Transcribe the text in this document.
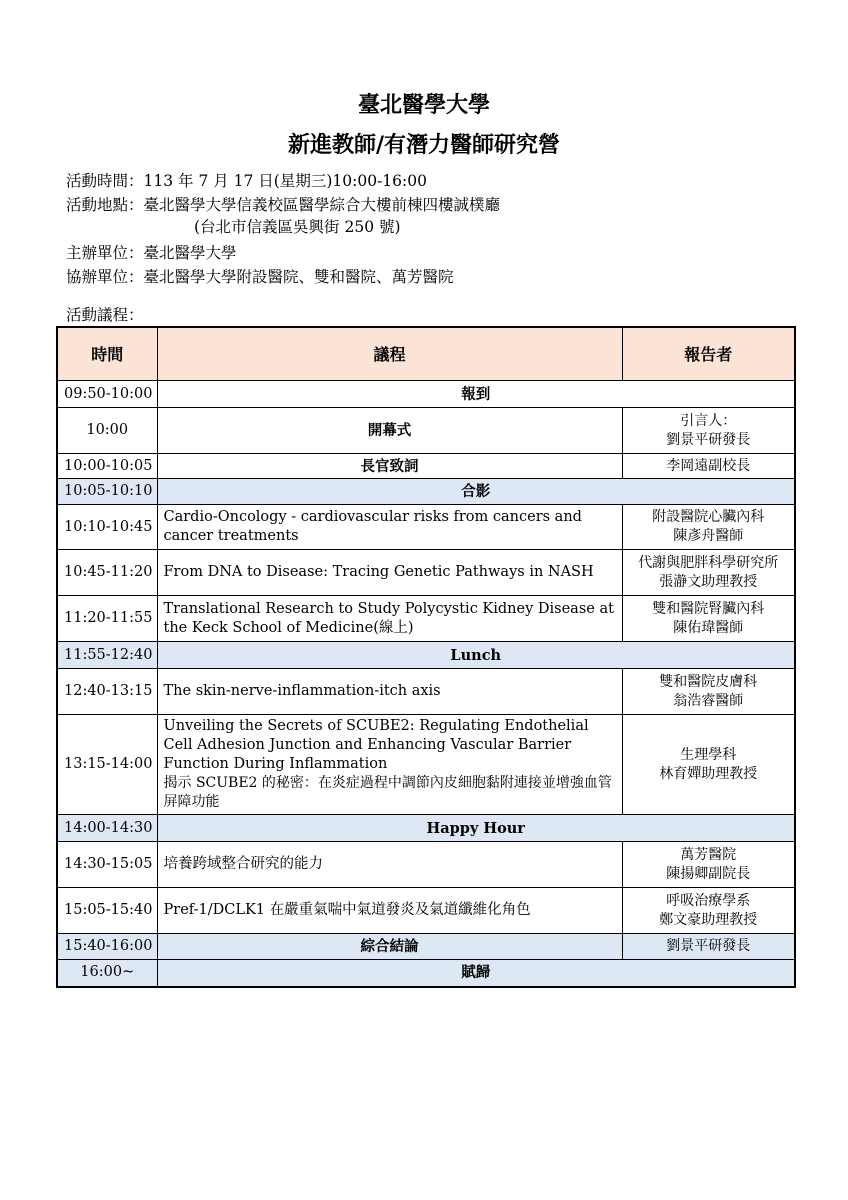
臺北醫學大學
新進教師/有潛力醫師研究營
活動時間：113 年 7 月 17 日(星期三)10:00-16:00
活動地點：臺北醫學大學信義校區醫學綜合大樓前棟四樓誠樸廳
(台北市信義區吳興街 250 號)
主辦單位：臺北醫學大學
協辦單位：臺北醫學大學附設醫院、雙和醫院、萬芳醫院
活動議程：
時間	議程	報告者
09:50-10:00	報到	
10:00	開幕式	引言人：
劉景平研發長

10:00-10:05	長官致詞	李岡遠副校長
10:05-10:10	合影	
10:10-10:45	Cardio-Oncology - cardiovascular risks from cancers and cancer treatments	附設醫院心臟內科
陳彥舟醫師

10:45-11:20	From DNA to Disease: Tracing Genetic Pathways in NASH	代謝與肥胖科學研究所
張瀞文助理教授

11:20-11:55	Translational Research to Study Polycystic Kidney Disease at the Keck School of Medicine(線上)	雙和醫院腎臟內科
陳佑瑋醫師

11:55-12:40	Lunch	
12:40-13:15	The skin-nerve-inflammation-itch axis	雙和醫院皮膚科
翁浩睿醫師

13:15-14:00	Unveiling the Secrets of SCUBE2: Regulating Endothelial Cell Adhesion Junction and Enhancing Vascular Barrier Function During Inflammation
揭示 SCUBE2 的秘密：在炎症過程中調節內皮細胞黏附連接並增強血管屏障功能	生理學科
林育嬋助理教授

14:00-14:30	Happy Hour	
14:30-15:05	培養跨域整合研究的能力	萬芳醫院
陳揚卿副院長

15:05-15:40	Pref-1/DCLK1 在嚴重氣喘中氣道發炎及氣道纖維化角色	呼吸治療學系
鄭文豪助理教授

15:40-16:00	綜合結論	劉景平研發長
16:00~	賦歸	
